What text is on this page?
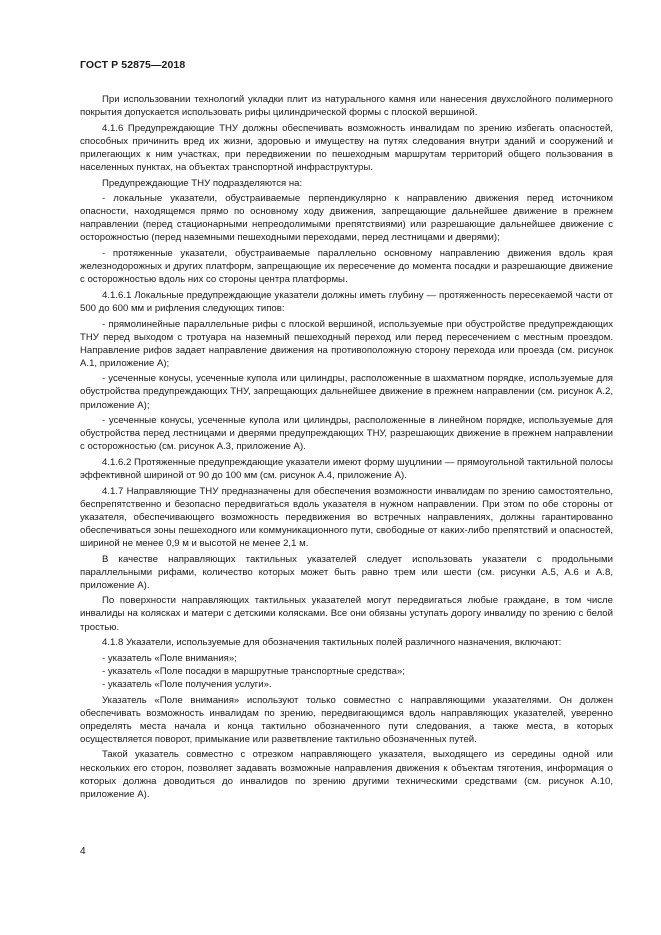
ГОСТ Р 52875—2018

При использовании технологий укладки плит из натурального камня или нанесения двухслойного полимерного покрытия допускается использовать рифы цилиндрической формы с плоской вершиной.

4.1.6 Предупреждающие ТНУ должны обеспечивать возможность инвалидам по зрению избегать опасностей, способных причинить вред их жизни, здоровью и имуществу на путях следования внутри зданий и сооружений и прилегающих к ним участках, при передвижении по пешеходным маршрутам территорий общего пользования в населенных пунктах, на объектах транспортной инфраструктуры.

Предупреждающие ТНУ подразделяются на:

- локальные указатели, обустраиваемые перпендикулярно к направлению движения перед источником опасности, находящемся прямо по основному ходу движения, запрещающие дальнейшее движение в прежнем направлении (перед стационарными непреодолимыми препятствиями) или разрешающие дальнейшее движение с осторожностью (перед наземными пешеходными переходами, перед лестницами и дверями);

- протяженные указатели, обустраиваемые параллельно основному направлению движения вдоль края железнодорожных и других платформ, запрещающие их пересечение до момента посадки и разрешающие движение с осторожностью вдоль них со стороны центра платформы.

4.1.6.1 Локальные предупреждающие указатели должны иметь глубину — протяженность пересекаемой части от 500 до 600 мм и рифления следующих типов:

- прямолинейные параллельные рифы с плоской вершиной, используемые при обустройстве предупреждающих ТНУ перед выходом с тротуара на наземный пешеходный переход или перед пересечением с местным проездом. Направление рифов задает направление движения на противоположную сторону перехода или проезда (см. рисунок А.1, приложение А);

- усеченные конусы, усеченные купола или цилиндры, расположенные в шахматном порядке, используемые для обустройства предупреждающих ТНУ, запрещающих дальнейшее движение в прежнем направлении (см. рисунок А.2, приложение А);

- усеченные конусы, усеченные купола или цилиндры, расположенные в линейном порядке, используемые для обустройства перед лестницами и дверями предупреждающих ТНУ, разрешающих движение в прежнем направлении с осторожностью (см. рисунок А.3, приложение А).

4.1.6.2 Протяженные предупреждающие указатели имеют форму шуцлинии — прямоугольной тактильной полосы эффективной шириной от 90 до 100 мм (см. рисунок А.4, приложение А).

4.1.7 Направляющие ТНУ предназначены для обеспечения возможности инвалидам по зрению самостоятельно, беспрепятственно и безопасно передвигаться вдоль указателя в нужном направлении. При этом по обе стороны от указателя, обеспечивающего возможность передвижения во встречных направлениях, должны гарантированно обеспечиваться зоны пешеходного или коммуникационного пути, свободные от каких-либо препятствий и опасностей, шириной не менее 0,9 м и высотой не менее 2,1 м.

В качестве направляющих тактильных указателей следует использовать указатели с продольными параллельными рифами, количество которых может быть равно трем или шести (см. рисунки А.5, А.6 и А.8, приложение А).

По поверхности направляющих тактильных указателей могут передвигаться любые граждане, в том числе инвалиды на колясках и матери с детскими колясками. Все они обязаны уступать дорогу инвалиду по зрению с белой тростью.

4.1.8 Указатели, используемые для обозначения тактильных полей различного назначения, включают:

- указатель «Поле внимания»;

- указатель «Поле посадки в маршрутные транспортные средства»;

- указатель «Поле получения услуги».

Указатель «Поле внимания» используют только совместно с направляющими указателями. Он должен обеспечивать возможность инвалидам по зрению, передвигающимся вдоль направляющих указателей, уверенно определять места начала и конца тактильно обозначенного пути следования, а также места, в которых осуществляется поворот, примыкание или разветвление тактильно обозначенных путей.

Такой указатель совместно с отрезком направляющего указателя, выходящего из середины одной или нескольких его сторон, позволяет задавать возможные направления движения к объектам тяготения, информация о которых должна доводиться до инвалидов по зрению другими техническими средствами (см. рисунок А.10, приложение А).

4
